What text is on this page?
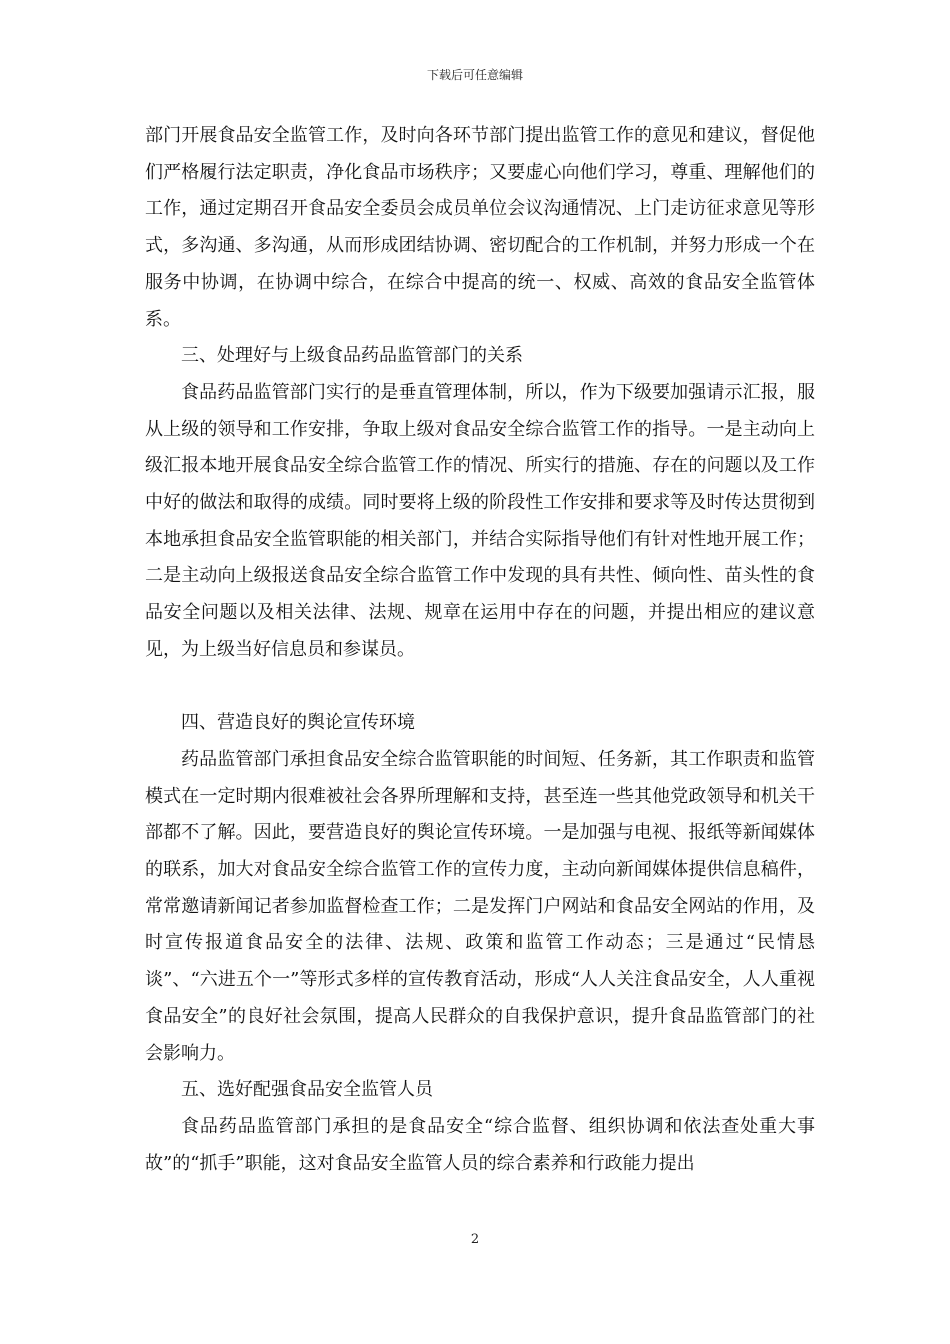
下载后可任意编辑

部门开展食品安全监管工作，及时向各环节部门提出监管工作的意见和建议，督促他们严格履行法定职责，净化食品市场秩序；又要虚心向他们学习，尊重、理解他们的工作，通过定期召开食品安全委员会成员单位会议沟通情况、上门走访征求意见等形式，多沟通、多沟通，从而形成团结协调、密切配合的工作机制，并努力形成一个在服务中协调，在协调中综合，在综合中提高的统一、权威、高效的食品安全监管体系。

三、处理好与上级食品药品监管部门的关系

食品药品监管部门实行的是垂直管理体制，所以，作为下级要加强请示汇报，服从上级的领导和工作安排，争取上级对食品安全综合监管工作的指导。一是主动向上级汇报本地开展食品安全综合监管工作的情况、所实行的措施、存在的问题以及工作中好的做法和取得的成绩。同时要将上级的阶段性工作安排和要求等及时传达贯彻到本地承担食品安全监管职能的相关部门，并结合实际指导他们有针对性地开展工作；二是主动向上级报送食品安全综合监管工作中发现的具有共性、倾向性、苗头性的食品安全问题以及相关法律、法规、规章在运用中存在的问题，并提出相应的建议意见，为上级当好信息员和参谋员。

四、营造良好的舆论宣传环境

药品监管部门承担食品安全综合监管职能的时间短、任务新，其工作职责和监管模式在一定时期内很难被社会各界所理解和支持，甚至连一些其他党政领导和机关干部都不了解。因此，要营造良好的舆论宣传环境。一是加强与电视、报纸等新闻媒体的联系，加大对食品安全综合监管工作的宣传力度，主动向新闻媒体提供信息稿件，常常邀请新闻记者参加监督检查工作；二是发挥门户网站和食品安全网站的作用，及时宣传报道食品安全的法律、法规、政策和监管工作动态；三是通过“民情恳谈”、“六进五个一”等形式多样的宣传教育活动，形成“人人关注食品安全，人人重视食品安全”的良好社会氛围，提高人民群众的自我保护意识，提升食品监管部门的社会影响力。

五、选好配强食品安全监管人员

食品药品监管部门承担的是食品安全“综合监督、组织协调和依法查处重大事故”的“抓手”职能，这对食品安全监管人员的综合素养和行政能力提出

2
